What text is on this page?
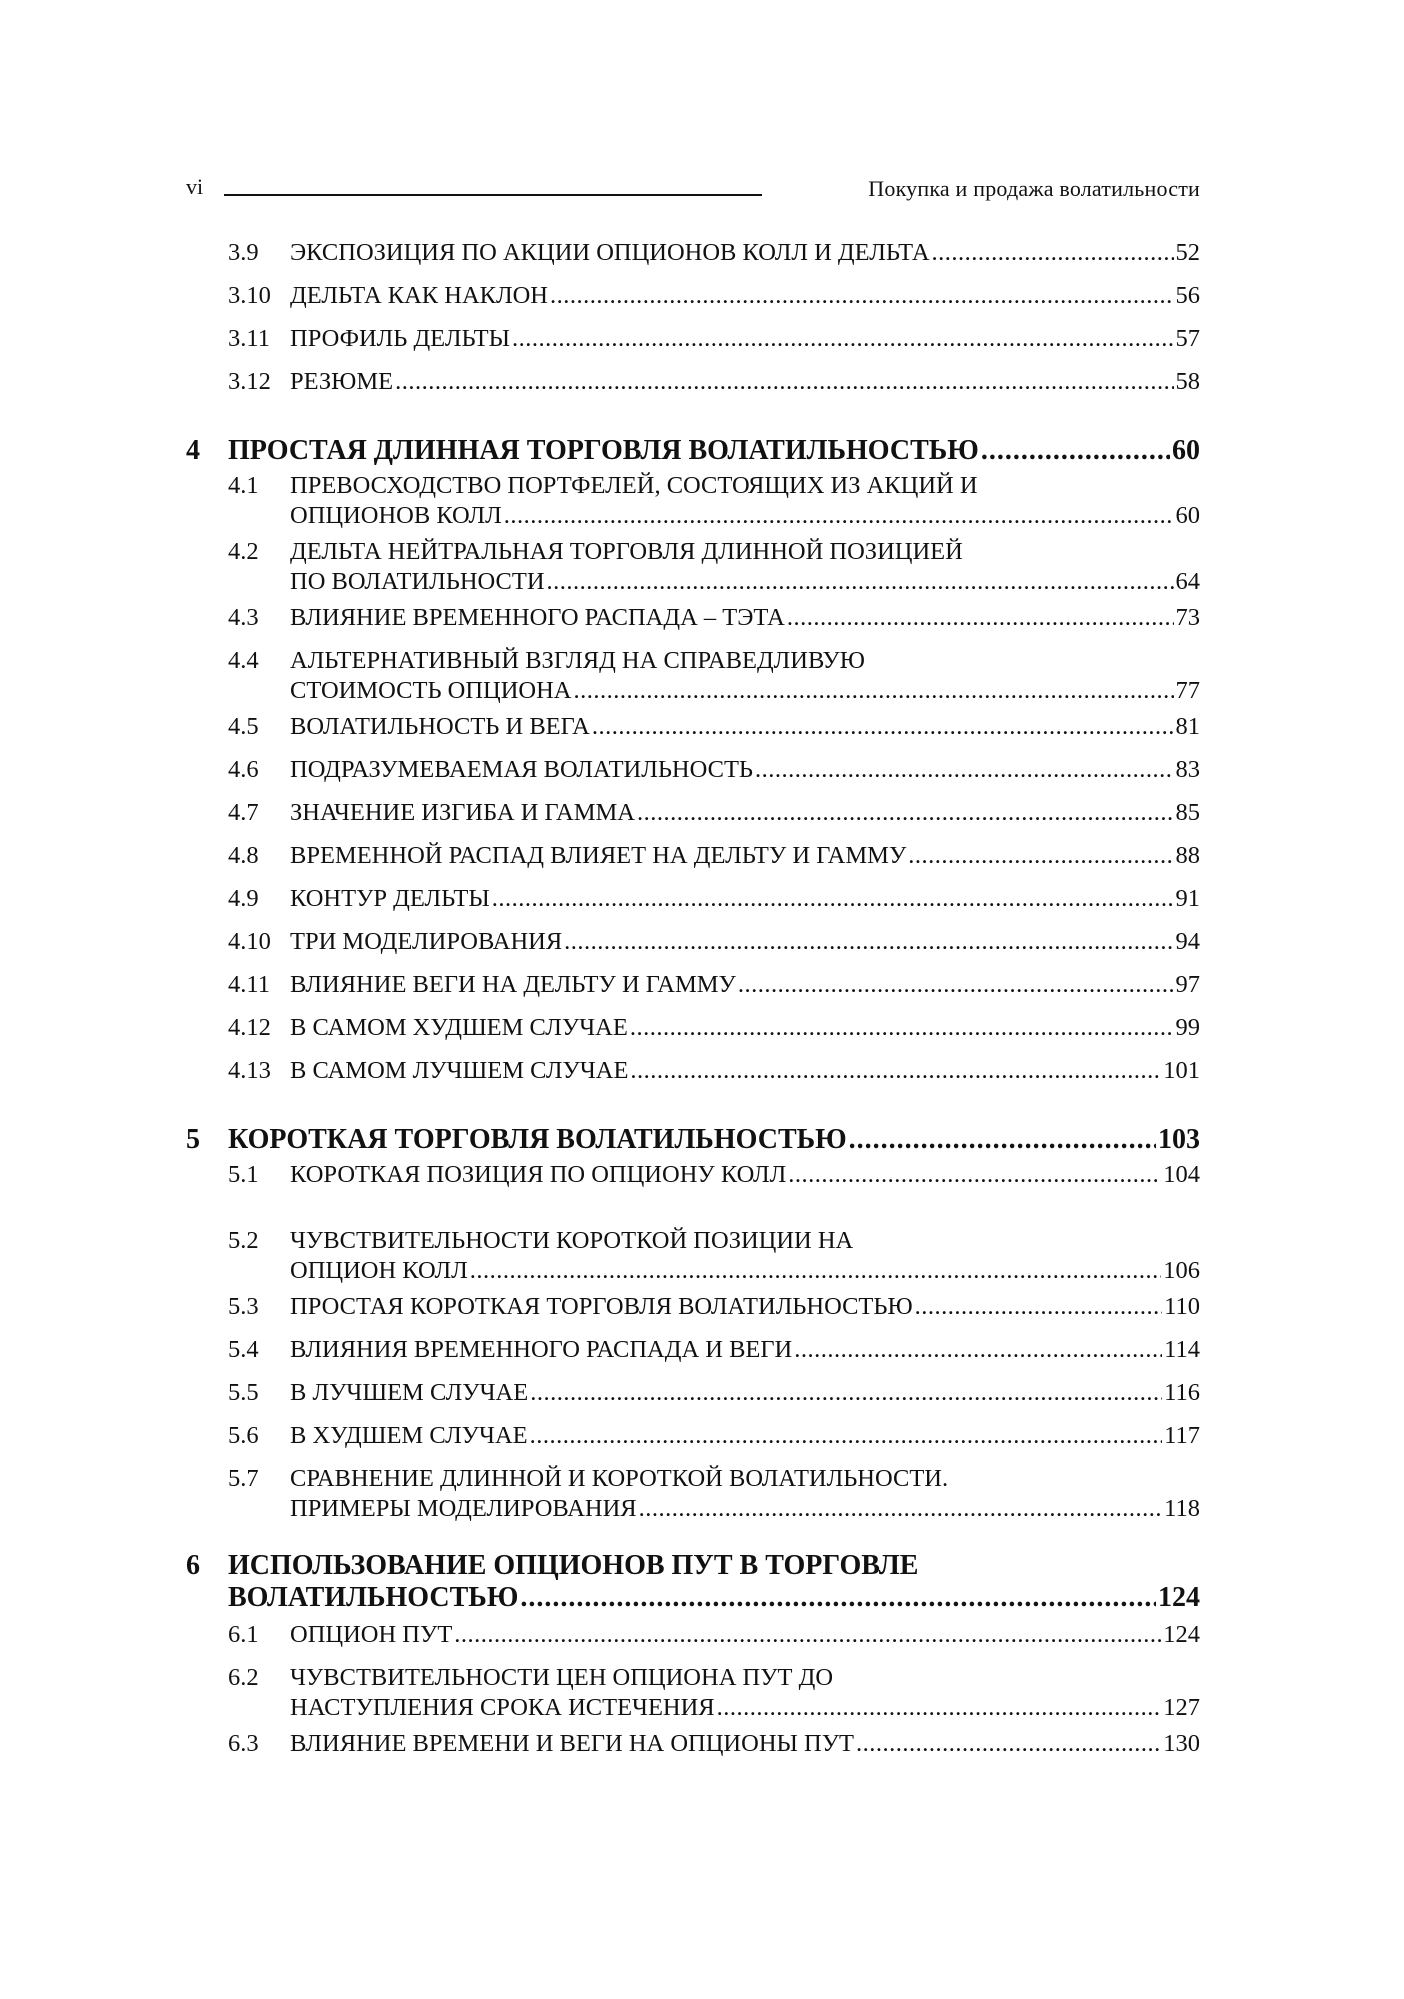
vi	Покупка и продажа волатильности
3.9	ЭКСПОЗИЦИЯ ПО АКЦИИ ОПЦИОНОВ КОЛЛ И ДЕЛЬТА .....	52
3.10 ДЕЛЬТА КАК НАКЛОН .....	56
3.11 ПРОФИЛЬ ДЕЛЬТЫ .....	57
3.12 РЕЗЮМЕ .....	58
4	ПРОСТАЯ ДЛИННАЯ ТОРГОВЛЯ ВОЛАТИЛЬНОСТЬЮ .....	60
4.1	ПРЕВОСХОДСТВО ПОРТФЕЛЕЙ, СОСТОЯЩИХ ИЗ АКЦИЙ И
ОПЦИОНОВ КОЛЛ .....	60
4.2	ДЕЛЬТА НЕЙТРАЛЬНАЯ ТОРГОВЛЯ ДЛИННОЙ ПОЗИЦИЕЙ
ПО ВОЛАТИЛЬНОСТИ .....	64
4.3	ВЛИЯНИЕ ВРЕМЕННОГО РАСПАДА – ТЭТА .....	73
4.4	АЛЬТЕРНАТИВНЫЙ ВЗГЛЯД НА СПРАВЕДЛИВУЮ
СТОИМОСТЬ ОПЦИОНА .....	77
4.5	ВОЛАТИЛЬНОСТЬ И ВЕГА .....	81
4.6	ПОДРАЗУМЕВАЕМАЯ ВОЛАТИЛЬНОСТЬ .....	83
4.7	ЗНАЧЕНИЕ ИЗГИБА И ГАММА .....	85
4.8	ВРЕМЕННОЙ РАСПАД ВЛИЯЕТ НА ДЕЛЬТУ И ГАММУ .....	88
4.9	КОНТУР ДЕЛЬТЫ .....	91
4.10 ТРИ МОДЕЛИРОВАНИЯ .....	94
4.11 ВЛИЯНИЕ ВЕГИ НА ДЕЛЬТУ И ГАММУ .....	97
4.12 В САМОМ ХУДШЕМ СЛУЧАЕ .....	99
4.13 В САМОМ ЛУЧШЕМ СЛУЧАЕ .....	101
5	КОРОТКАЯ ТОРГОВЛЯ ВОЛАТИЛЬНОСТЬЮ .....	103
5.1	КОРОТКАЯ ПОЗИЦИЯ ПО ОПЦИОНУ КОЛЛ .....	104
5.2	ЧУВСТВИТЕЛЬНОСТИ КОРОТКОЙ ПОЗИЦИИ НА
ОПЦИОН КОЛЛ .....	106
5.3	ПРОСТАЯ КОРОТКАЯ ТОРГОВЛЯ ВОЛАТИЛЬНОСТЬЮ .....	110
5.4	ВЛИЯНИЯ ВРЕМЕННОГО РАСПАДА И ВЕГИ .....	114
5.5	В ЛУЧШЕМ СЛУЧАЕ .....	116
5.6	В ХУДШЕМ СЛУЧАЕ .....	117
5.7	СРАВНЕНИЕ ДЛИННОЙ И КОРОТКОЙ ВОЛАТИЛЬНОСТИ.
ПРИМЕРЫ МОДЕЛИРОВАНИЯ .....	118
6	ИСПОЛЬЗОВАНИЕ ОПЦИОНОВ ПУТ В ТОРГОВЛЕ
ВОЛАТИЛЬНОСТЬЮ .....	124
6.1	ОПЦИОН ПУТ .....	124
6.2	ЧУВСТВИТЕЛЬНОСТИ ЦЕН ОПЦИОНА ПУТ ДО
НАСТУПЛЕНИЯ СРОКА ИСТЕЧЕНИЯ .....	127
6.3	ВЛИЯНИЕ ВРЕМЕНИ И ВЕГИ НА ОПЦИОНЫ ПУТ .....	130
